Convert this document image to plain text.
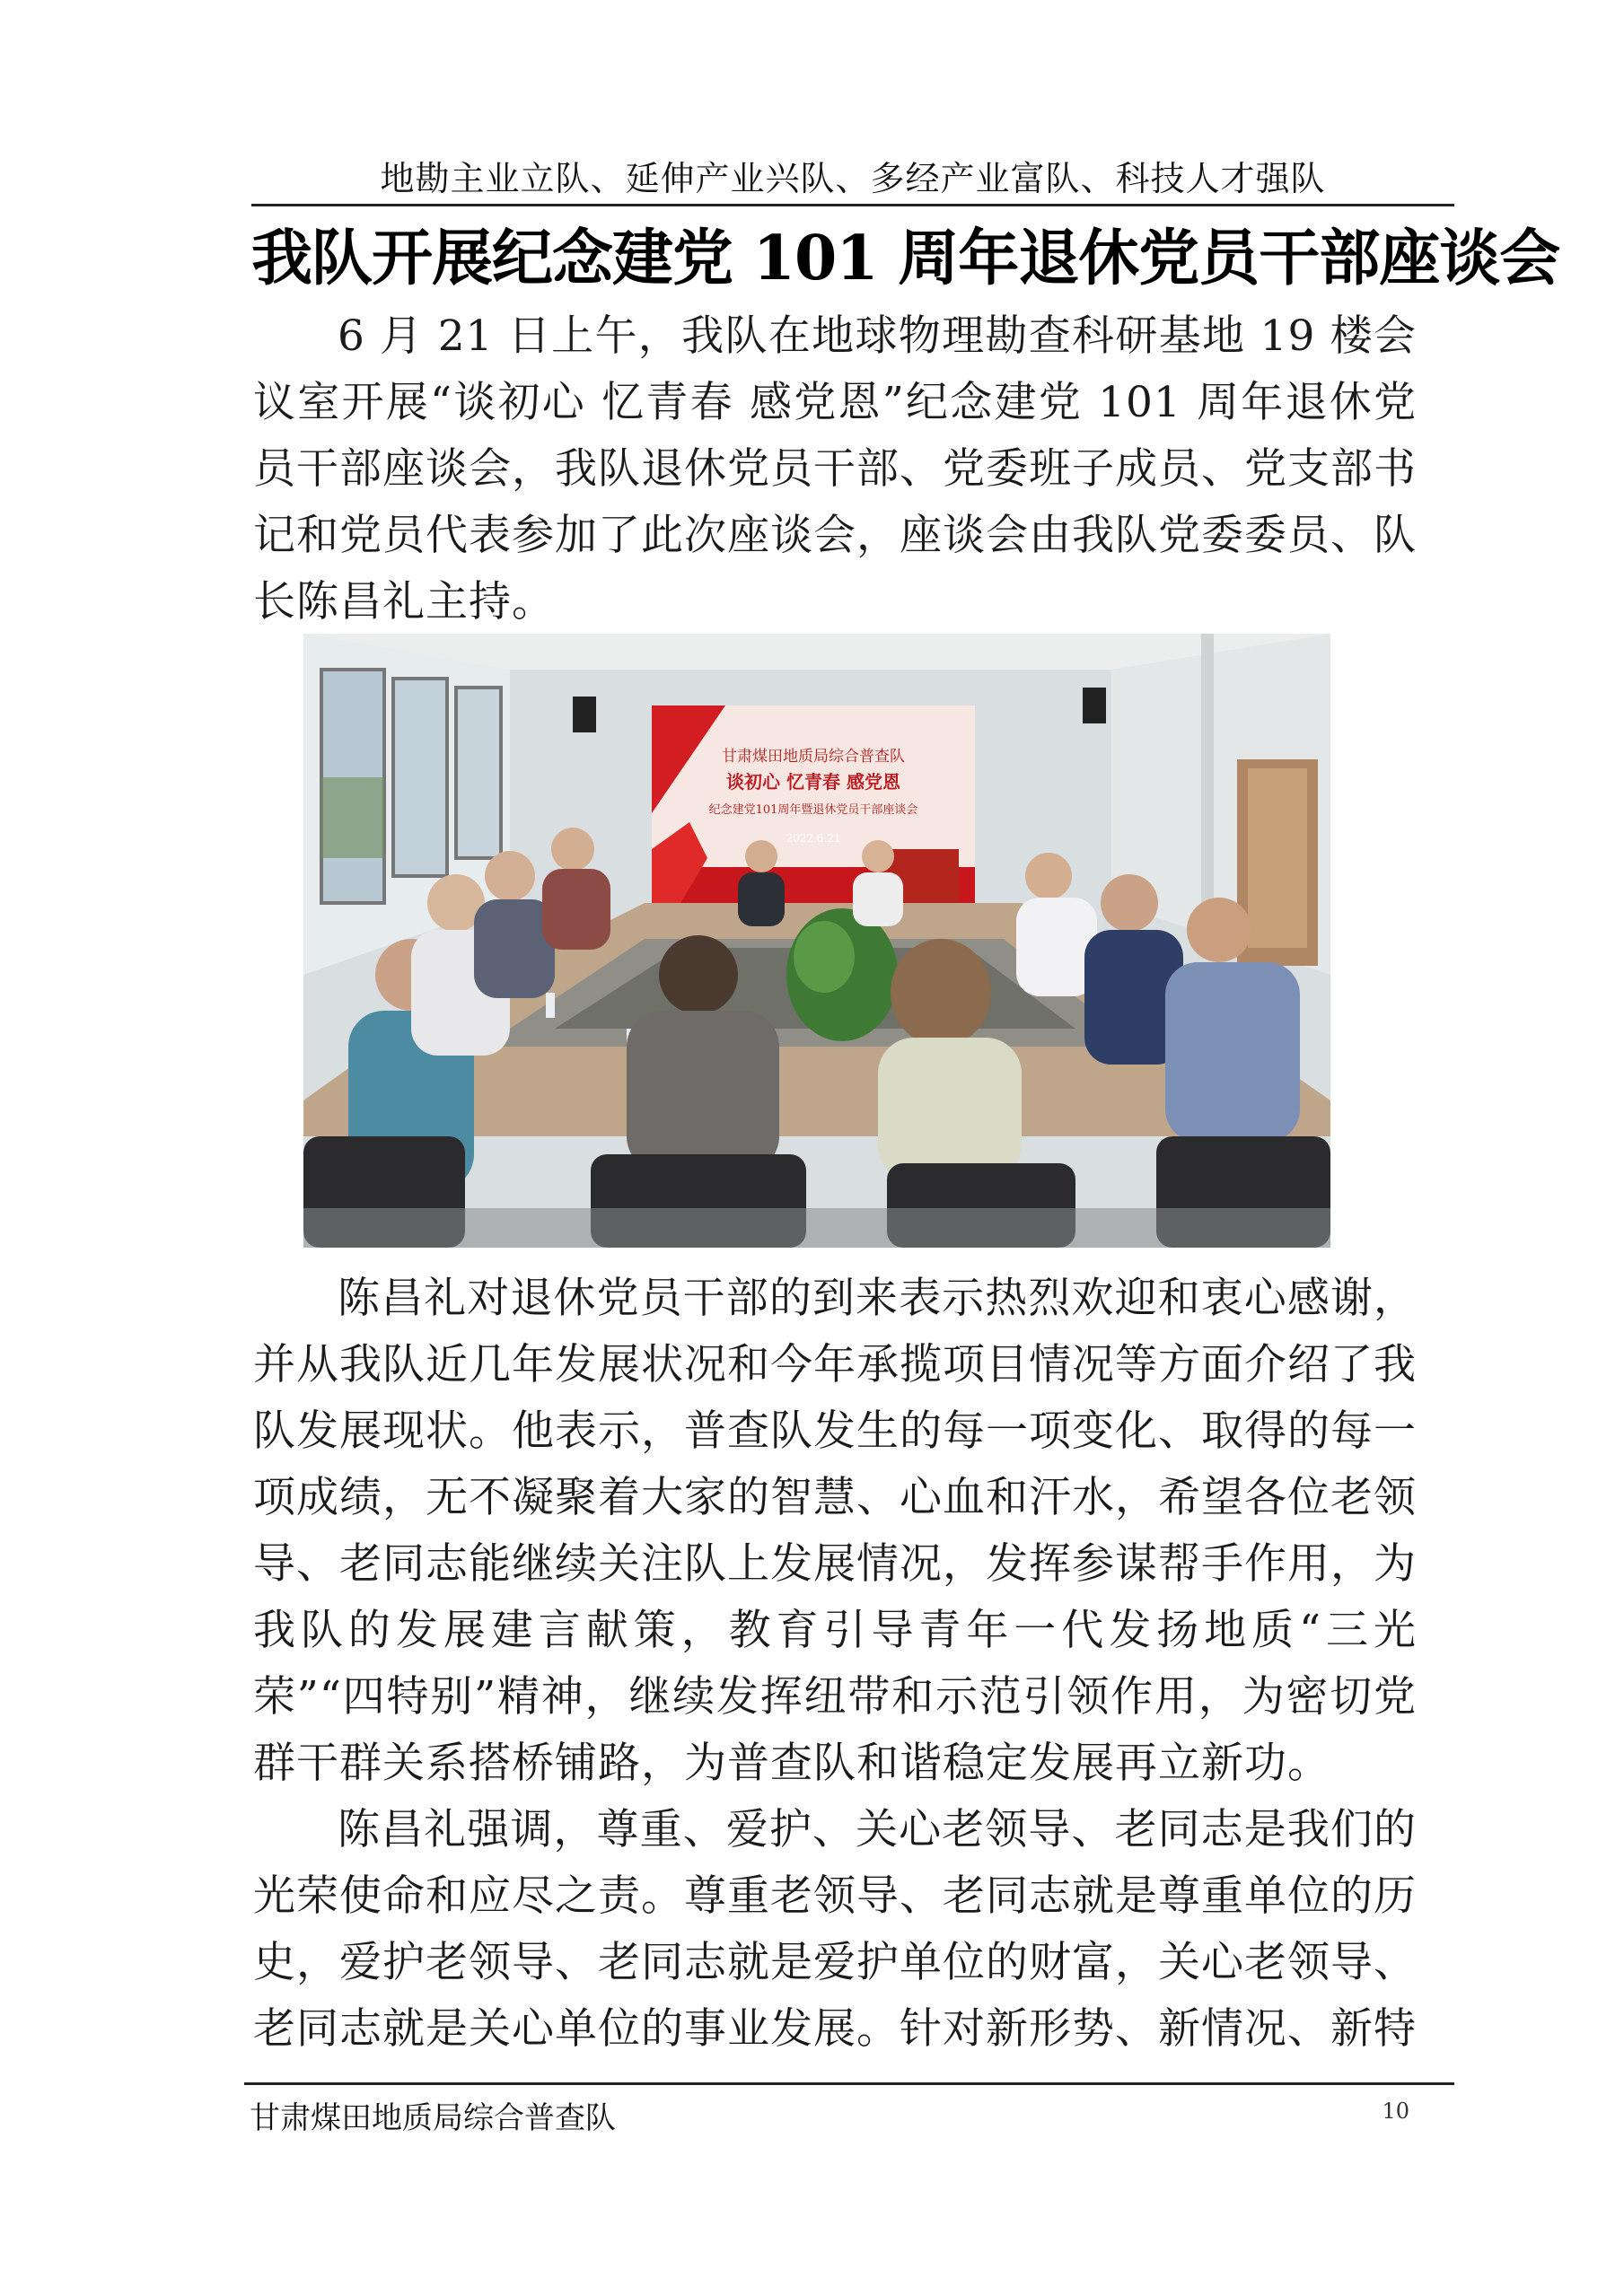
地勘主业立队、延伸产业兴队、多经产业富队、科技人才强队
我队开展纪念建党 101 周年退休党员干部座谈会

6 月 21 日上午，我队在地球物理勘查科研基地 19 楼会议室开展“谈初心 忆青春 感党恩”纪念建党 101 周年退休党员干部座谈会，我队退休党员干部、党委班子成员、党支部书记和党员代表参加了此次座谈会，座谈会由我队党委委员、队长陈昌礼主持。

甘肃煤田地质局综合普查队
谈初心 忆青春 感党恩
纪念建党101周年暨退休党员干部座谈会
2022.6.21

陈昌礼对退休党员干部的到来表示热烈欢迎和衷心感谢，并从我队近几年发展状况和今年承揽项目情况等方面介绍了我队发展现状。他表示，普查队发生的每一项变化、取得的每一项成绩，无不凝聚着大家的智慧、心血和汗水，希望各位老领导、老同志能继续关注队上发展情况，发挥参谋帮手作用，为我队的发展建言献策，教育引导青年一代发扬地质“三光荣”“四特别”精神，继续发挥纽带和示范引领作用，为密切党群干群关系搭桥铺路，为普查队和谐稳定发展再立新功。

陈昌礼强调，尊重、爱护、关心老领导、老同志是我们的光荣使命和应尽之责。尊重老领导、老同志就是尊重单位的历史，爱护老领导、老同志就是爱护单位的财富，关心老领导、老同志就是关心单位的事业发展。针对新形势、新情况、新特

甘肃煤田地质局综合普查队	10
